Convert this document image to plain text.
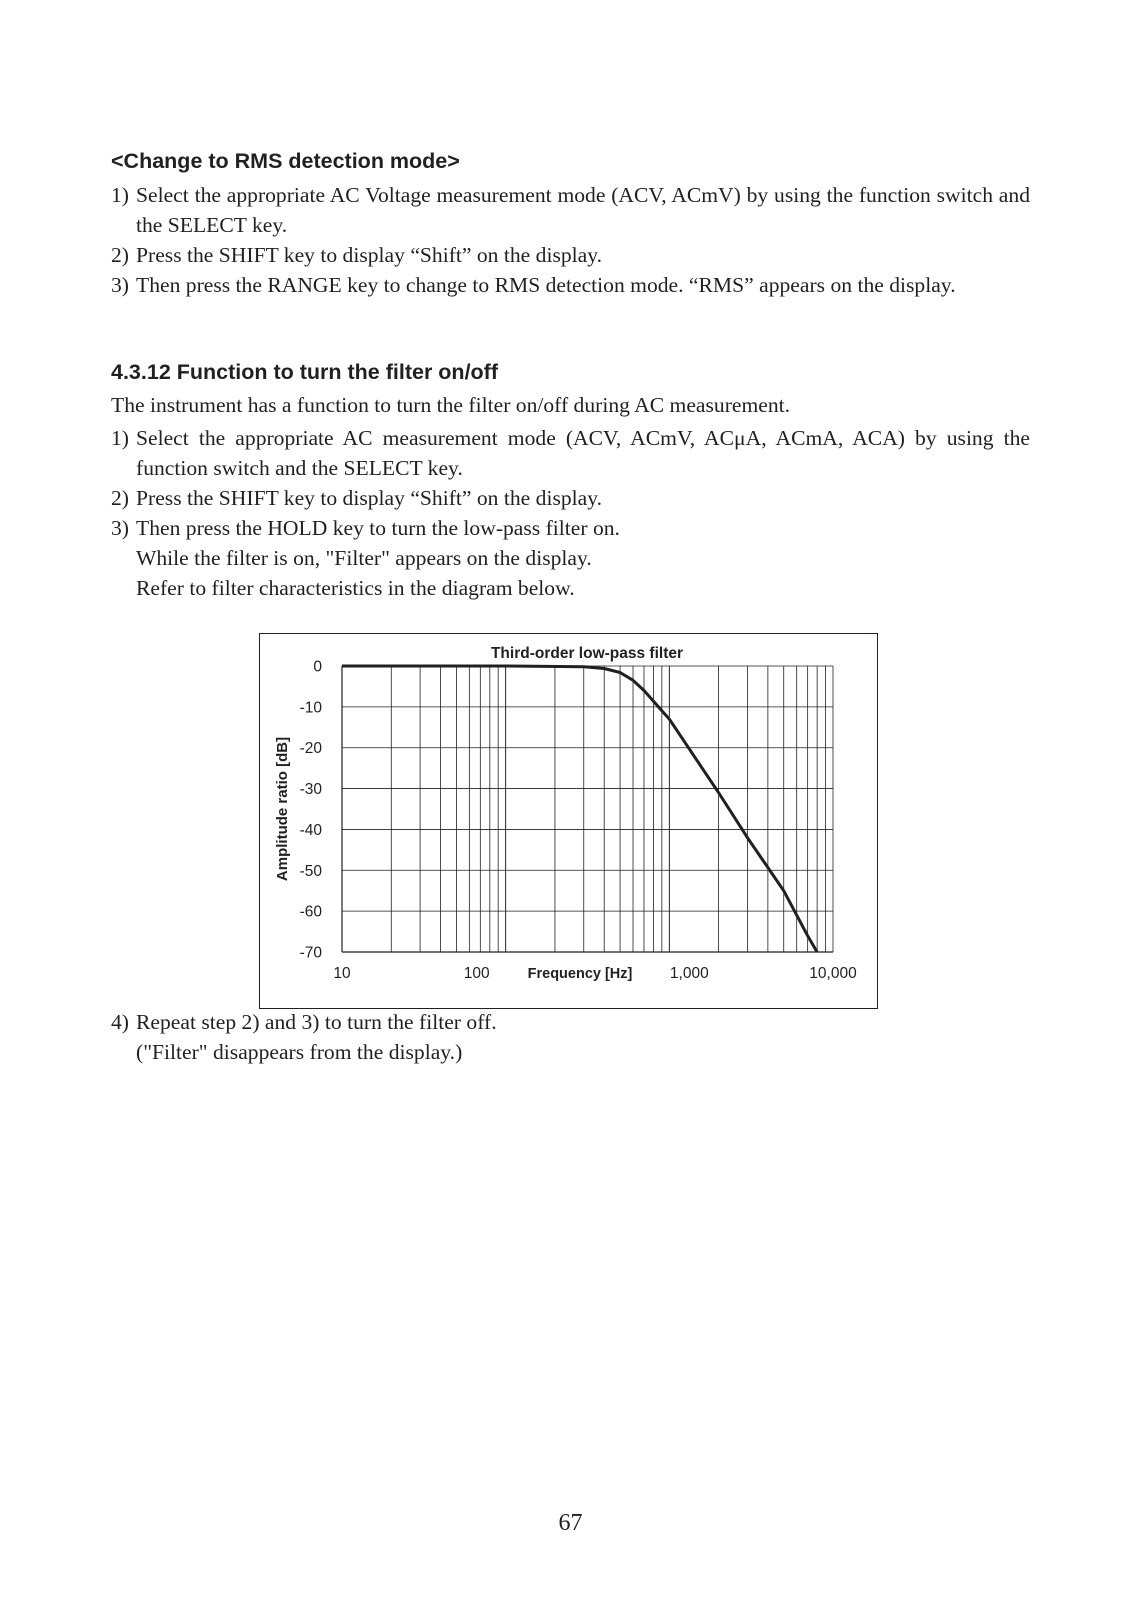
<Change to RMS detection mode>
1) Select the appropriate AC Voltage measurement mode (ACV, ACmV) by using the function switch and the SELECT key.
2) Press the SHIFT key to display “Shift” on the display.
3) Then press the RANGE key to change to RMS detection mode. “RMS” appears on the display.
4.3.12 Function to turn the filter on/off
The instrument has a function to turn the filter on/off during AC measurement.
1) Select the appropriate AC measurement mode (ACV, ACmV, ACμA, ACmA, ACA) by using the function switch and the SELECT key.
2) Press the SHIFT key to display “Shift” on the display.
3) Then press the HOLD key to turn the low-pass filter on.
While the filter is on, "Filter" appears on the display.
Refer to filter characteristics in the diagram below.
Third-order low-pass filter
0
-10
-20
-30
-40
-50
-60
-70
10	100	1,000	10,000
Frequency [Hz]
Amplitude ratio [dB]
4) Repeat step 2) and 3) to turn the filter off.
("Filter" disappears from the display.)
67
